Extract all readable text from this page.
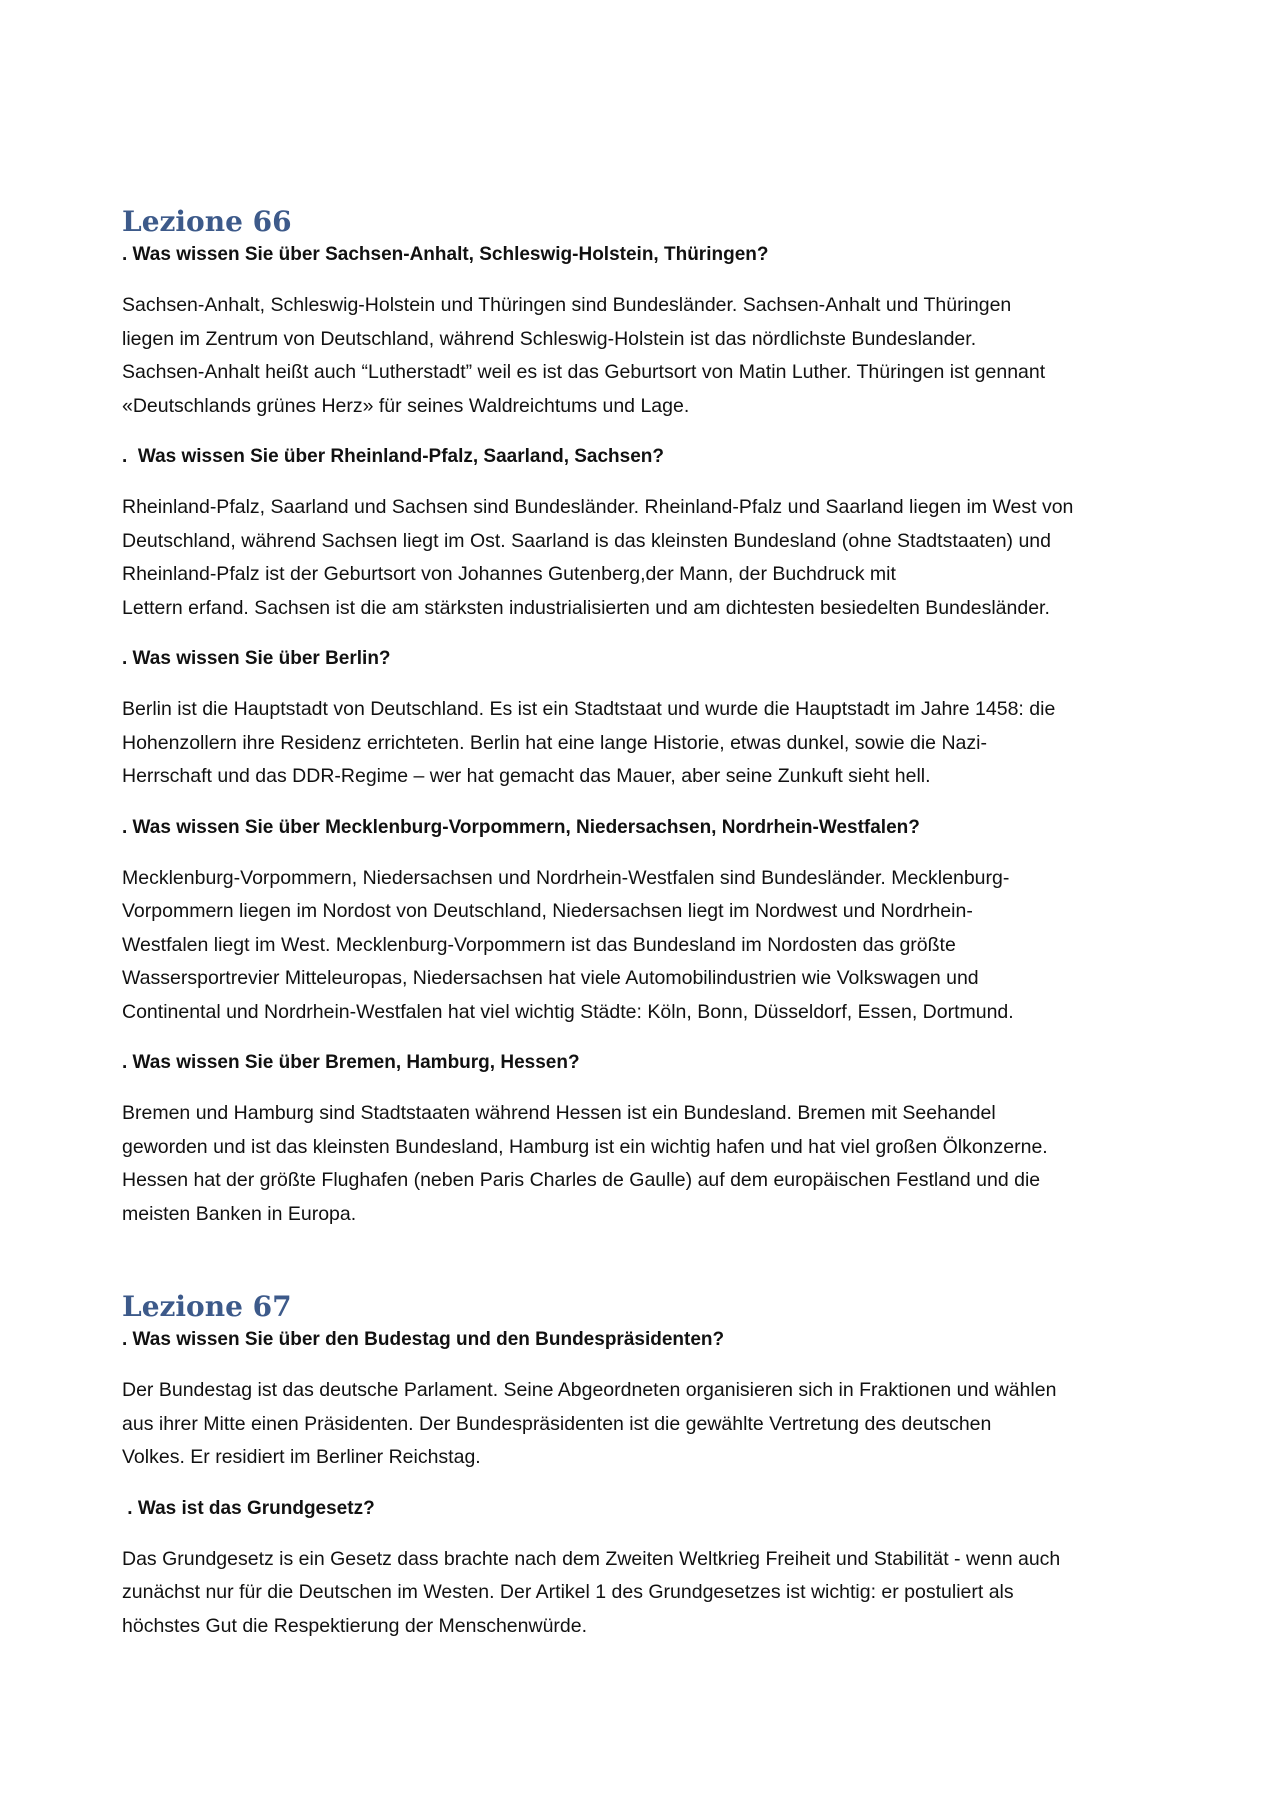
Lezione 66

. Was wissen Sie über Sachsen-Anhalt, Schleswig-Holstein, Thüringen?

Sachsen-Anhalt, Schleswig-Holstein und Thüringen sind Bundesländer. Sachsen-Anhalt und Thüringen
liegen im Zentrum von Deutschland, während Schleswig-Holstein ist das nördlichste Bundeslander.
Sachsen-Anhalt heißt auch “Lutherstadt” weil es ist das Geburtsort von Matin Luther. Thüringen ist gennant
«Deutschlands grünes Herz» für seines Waldreichtums und Lage.

.  Was wissen Sie über Rheinland-Pfalz, Saarland, Sachsen?

Rheinland-Pfalz, Saarland und Sachsen sind Bundesländer. Rheinland-Pfalz und Saarland liegen im West von
Deutschland, während Sachsen liegt im Ost. Saarland is das kleinsten Bundesland (ohne Stadtstaaten) und
Rheinland-Pfalz ist der Geburtsort von Johannes Gutenberg,der Mann, der Buchdruck mit
Lettern erfand. Sachsen ist die am stärksten industrialisierten und am dichtesten besiedelten Bundesländer.

. Was wissen Sie über Berlin?

Berlin ist die Hauptstadt von Deutschland. Es ist ein Stadtstaat und wurde die Hauptstadt im Jahre 1458: die
Hohenzollern ihre Residenz errichteten. Berlin hat eine lange Historie, etwas dunkel, sowie die Nazi-
Herrschaft und das DDR-Regime – wer hat gemacht das Mauer, aber seine Zunkuft sieht hell.

. Was wissen Sie über Mecklenburg-Vorpommern, Niedersachsen, Nordrhein-Westfalen?

Mecklenburg-Vorpommern, Niedersachsen und Nordrhein-Westfalen sind Bundesländer. Mecklenburg-
Vorpommern liegen im Nordost von Deutschland, Niedersachsen liegt im Nordwest und Nordrhein-
Westfalen liegt im West. Mecklenburg-Vorpommern ist das Bundesland im Nordosten das größte
Wassersportrevier Mitteleuropas, Niedersachsen hat viele Automobilindustrien wie Volkswagen und
Continental und Nordrhein-Westfalen hat viel wichtig Städte: Köln, Bonn, Düsseldorf, Essen, Dortmund.

. Was wissen Sie über Bremen, Hamburg, Hessen?

Bremen und Hamburg sind Stadtstaaten während Hessen ist ein Bundesland. Bremen mit Seehandel
geworden und ist das kleinsten Bundesland, Hamburg ist ein wichtig hafen und hat viel großen Ölkonzerne.
Hessen hat der größte Flughafen (neben Paris Charles de Gaulle) auf dem europäischen Festland und die
meisten Banken in Europa.

Lezione 67

. Was wissen Sie über den Budestag und den Bundespräsidenten?

Der Bundestag ist das deutsche Parlament. Seine Abgeordneten organisieren sich in Fraktionen und wählen
aus ihrer Mitte einen Präsidenten. Der Bundespräsidenten ist die gewählte Vertretung des deutschen
Volkes. Er residiert im Berliner Reichstag.

. Was ist das Grundgesetz?

Das Grundgesetz is ein Gesetz dass brachte nach dem Zweiten Weltkrieg Freiheit und Stabilität - wenn auch
zunächst nur für die Deutschen im Westen. Der Artikel 1 des Grundgesetzes ist wichtig: er postuliert als
höchstes Gut die Respektierung der Menschenwürde.
